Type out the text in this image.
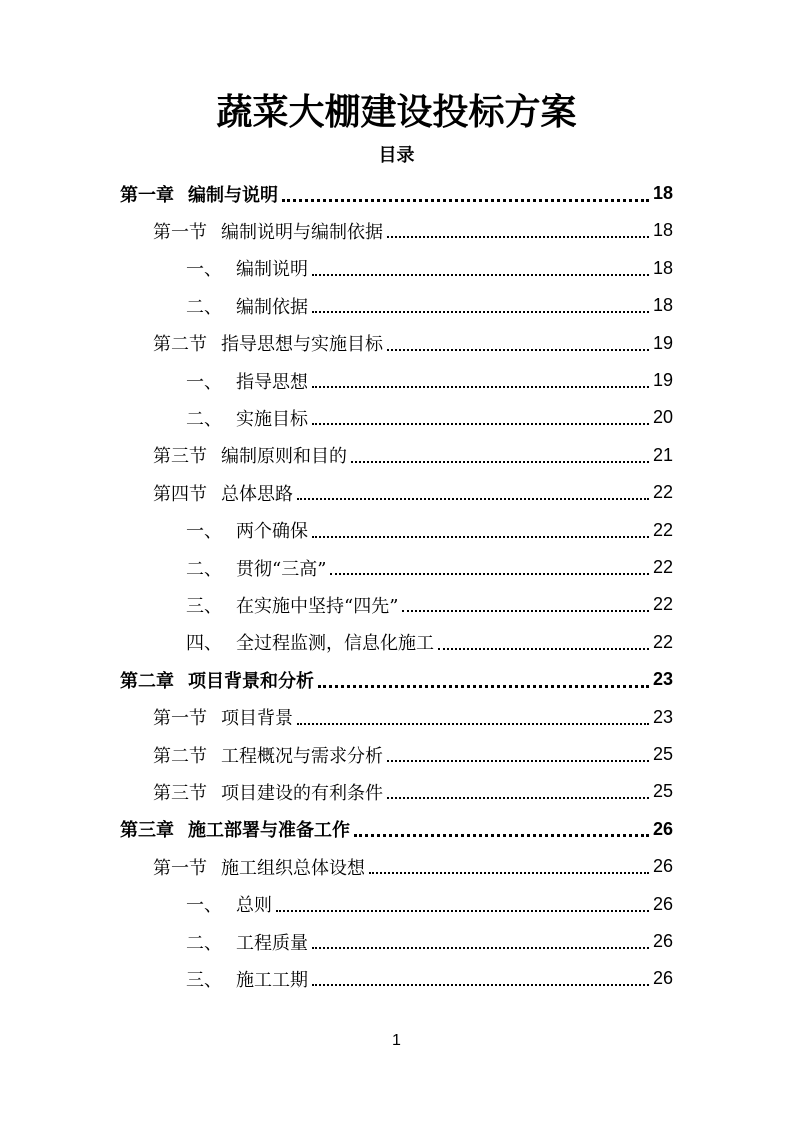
蔬菜大棚建设投标方案
目录
第一章 编制与说明	18
第一节 编制说明与编制依据	18
一、 编制说明	18
二、 编制依据	18
第二节 指导思想与实施目标	19
一、 指导思想	19
二、 实施目标	20
第三节 编制原则和目的	21
第四节 总体思路	22
一、 两个确保	22
二、 贯彻“三高”	22
三、 在实施中坚持“四先”	22
四、 全过程监测，信息化施工	22
第二章 项目背景和分析	23
第一节 项目背景	23
第二节 工程概况与需求分析	25
第三节 项目建设的有利条件	25
第三章 施工部署与准备工作	26
第一节 施工组织总体设想	26
一、 总则	26
二、 工程质量	26
三、 施工工期	26
1
